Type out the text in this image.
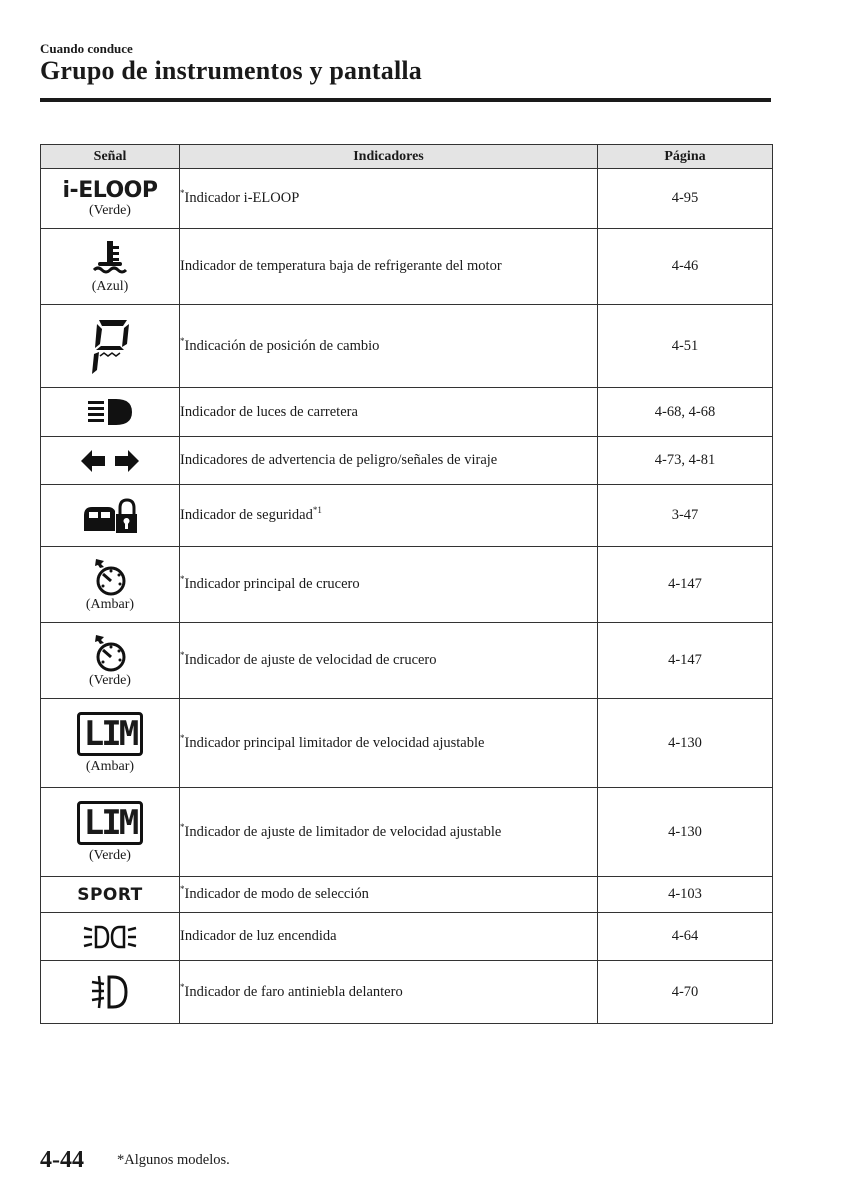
Cuando conduce
Grupo de instrumentos y pantalla
Señal	Indicadores	Página

i-ELOOP
(Verde)	*Indicador i-ELOOP	4-95

(Azul)	Indicador de temperatura baja de refrigerante del motor	4-46

	*Indicación de posición de cambio	4-51

	Indicador de luces de carretera	4-68, 4-68

	Indicadores de advertencia de peligro/señales de viraje	4-73, 4-81

	Indicador de seguridad$^{*1}$	3-47

(Ambar)	*Indicador principal de crucero	4-147

(Verde)	*Indicador de ajuste de velocidad de crucero	4-147

LIM
(Ambar)	*Indicador principal limitador de velocidad ajustable	4-130

LIM
(Verde)	*Indicador de ajuste de limitador de velocidad ajustable	4-130

SPORT	*Indicador de modo de selección	4-103

	Indicador de luz encendida	4-64

	*Indicador de faro antiniebla delantero	4-70
4-44 *Algunos modelos.
